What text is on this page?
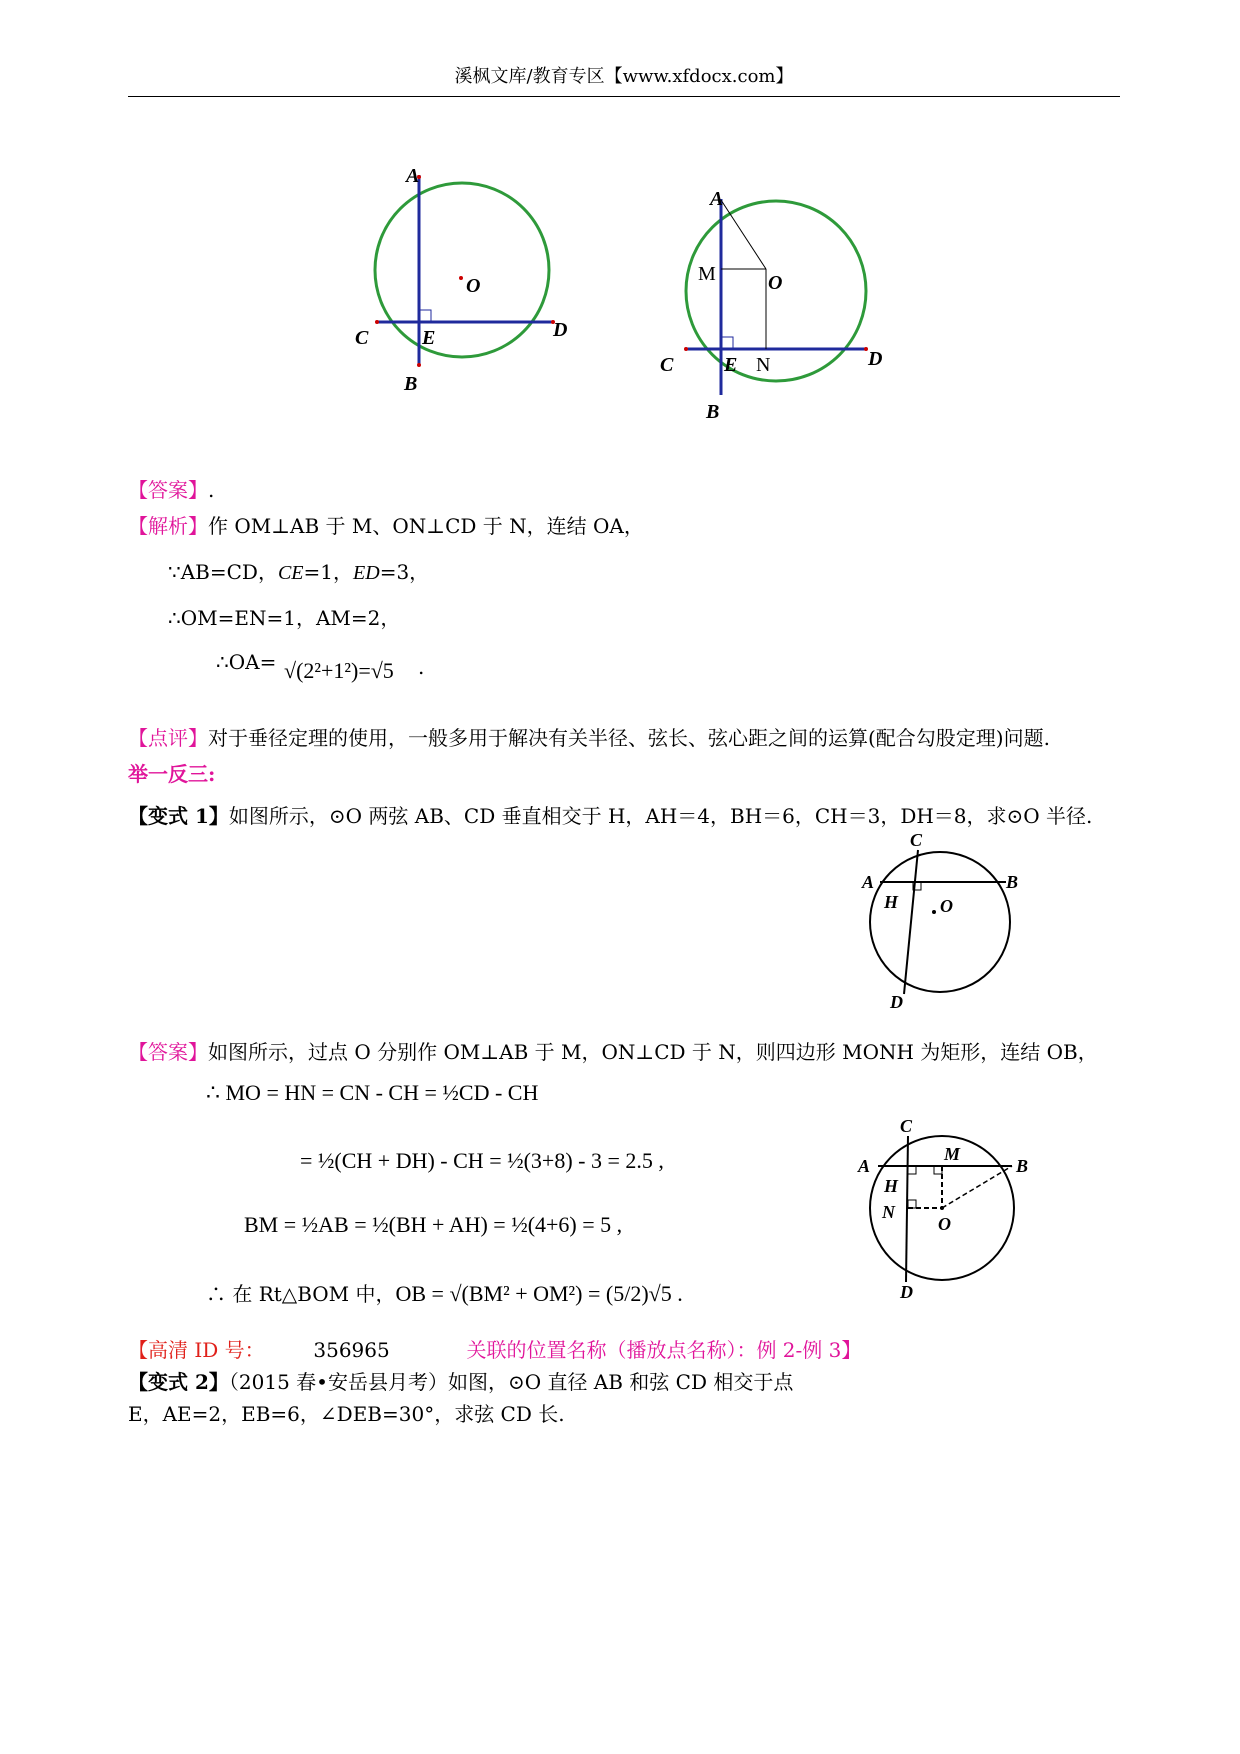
溪枫文库/教育专区【www.xfdocx.com】
A
O
C	E	D
B
A
M	O
C	E N	D
B
【答案】.
【解析】作 OM⊥AB 于 M、ON⊥CD 于 N，连结 OA，
∵AB=CD，CE=1，ED=3，
∴OM=EN=1，AM=2，
∴OA= √(2²+1²)=√5 .
【点评】对于垂径定理的使用，一般多用于解决有关半径、弦长、弦心距之间的运算(配合勾股定理)问题.
举一反三:
【变式 1】如图所示，⊙O 两弦 AB、CD 垂直相交于 H，AH＝4，BH＝6，CH＝3，DH＝8，求⊙O 半径.
C
A	B
H O
D
【答案】如图所示，过点 O 分别作 OM⊥AB 于 M，ON⊥CD 于 N，则四边形 MONH 为矩形，连结 OB，
∴ MO = HN = CN - CH = ½CD - CH
= ½(CH + DH) - CH = ½(3+8) - 3 = 2.5 ,
BM = ½AB = ½(BH + AH) = ½(4+6) = 5 ,
∴ 在 Rt△BOM 中，OB = √(BM² + OM²) = (5/2)√5 .
C
A	B
M
H
N
O
D
【高清 ID 号： 356965	关联的位置名称（播放点名称）：例 2-例 3】
【变式 2】（2015 春•安岳县月考）如图，⊙O 直径 AB 和弦 CD 相交于点
E，AE=2，EB=6，∠DEB=30°，求弦 CD 长.
